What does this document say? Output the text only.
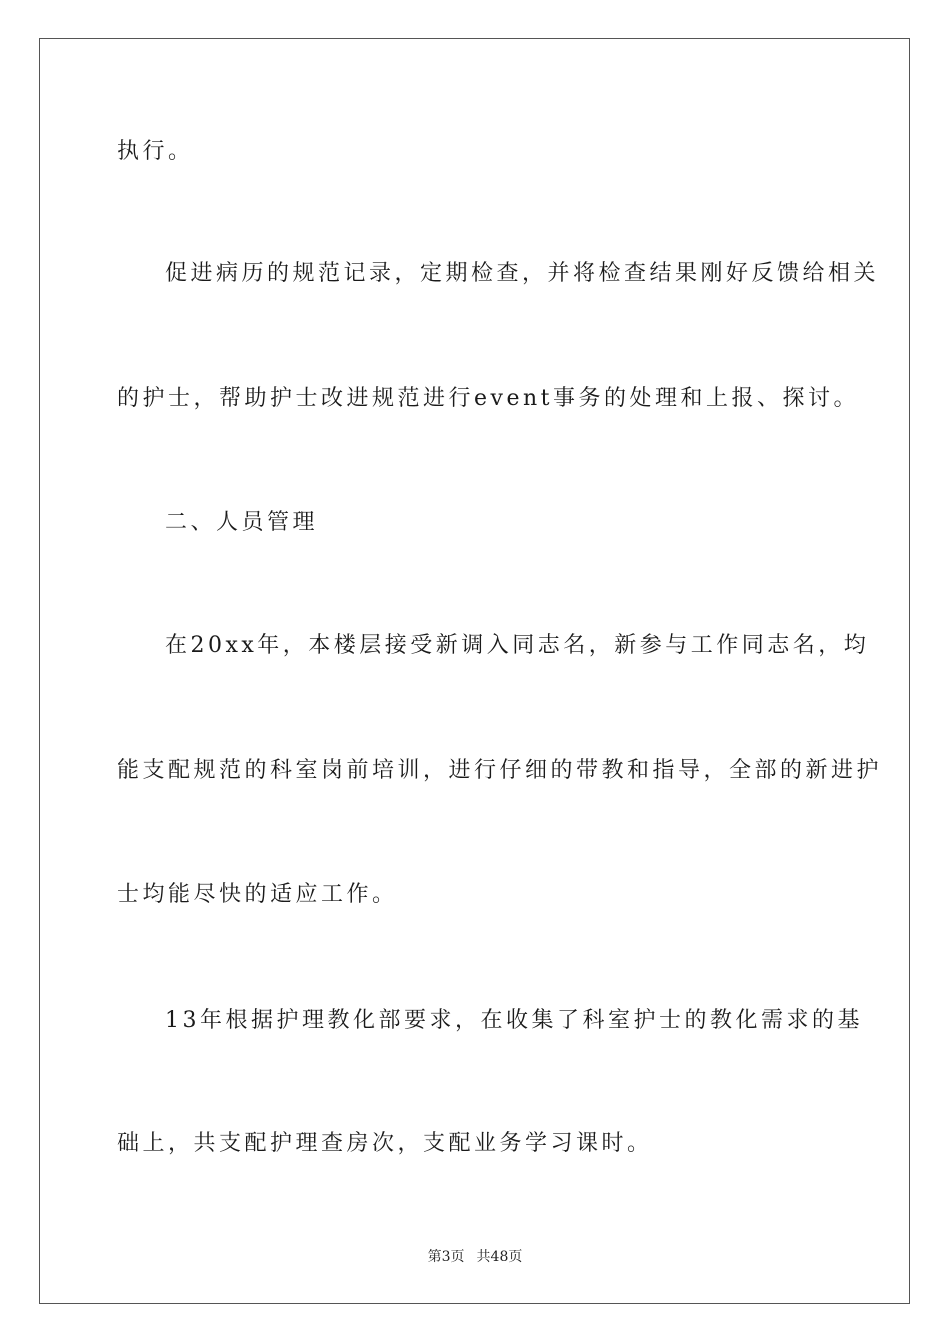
执行。
促进病历的规范记录，定期检查，并将检查结果刚好反馈给相关
的护士，帮助护士改进规范进行event事务的处理和上报、探讨。
二、人员管理
在20xx年，本楼层接受新调入同志名，新参与工作同志名，均
能支配规范的科室岗前培训，进行仔细的带教和指导，全部的新进护
士均能尽快的适应工作。
13年根据护理教化部要求，在收集了科室护士的教化需求的基
础上，共支配护理查房次，支配业务学习课时。
第3页 共48页
